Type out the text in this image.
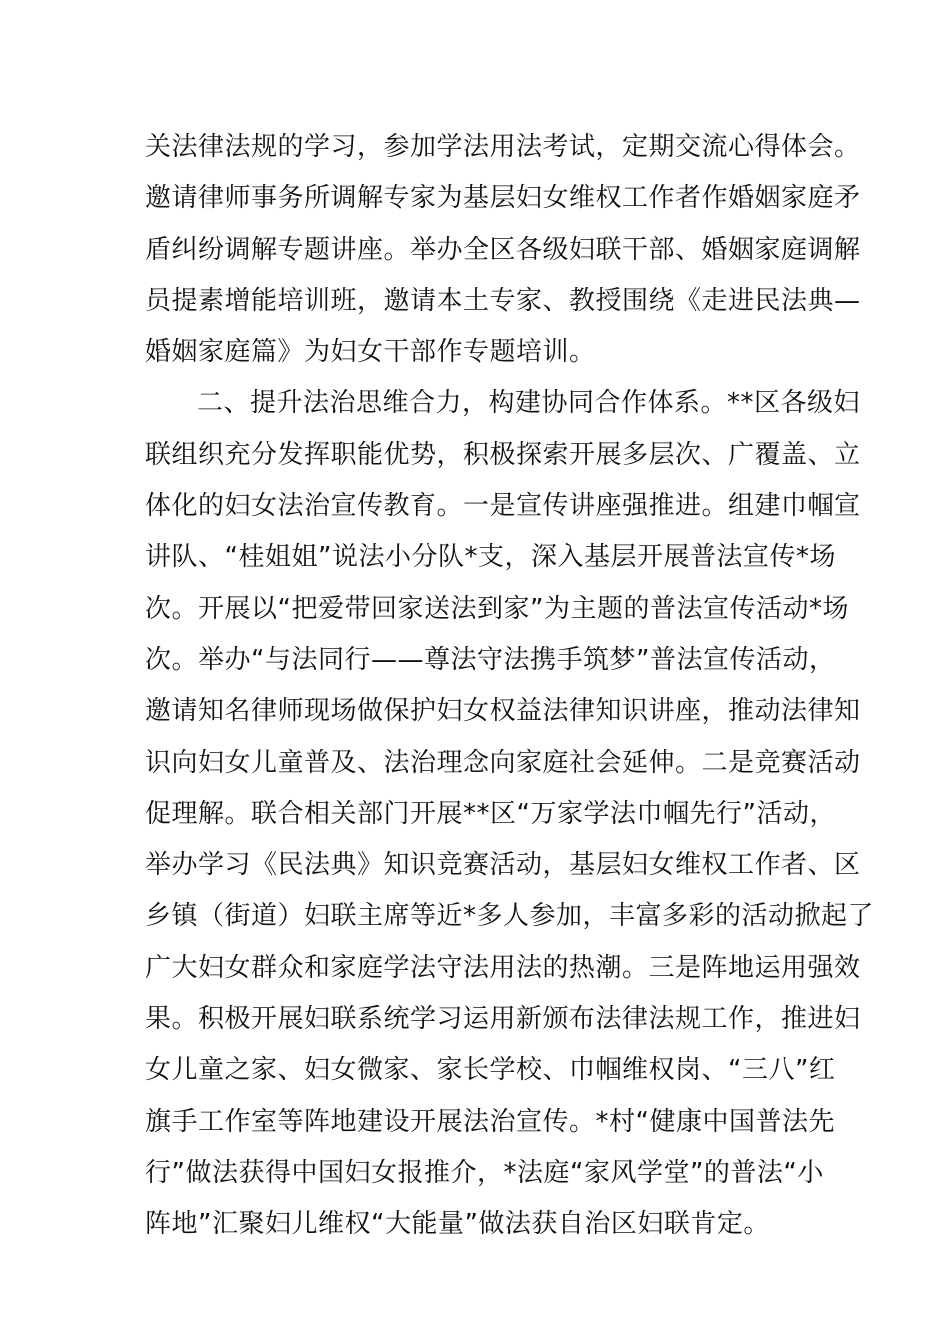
关法律法规的学习，参加学法用法考试，定期交流心得体会。
邀请律师事务所调解专家为基层妇女维权工作者作婚姻家庭矛
盾纠纷调解专题讲座。举办全区各级妇联干部、婚姻家庭调解
员提素增能培训班，邀请本土专家、教授围绕《走进民法典—
婚姻家庭篇》为妇女干部作专题培训。
二、提升法治思维合力，构建协同合作体系。**区各级妇
联组织充分发挥职能优势，积极探索开展多层次、广覆盖、立
体化的妇女法治宣传教育。一是宣传讲座强推进。组建巾帼宣
讲队、“桂姐姐”说法小分队*支，深入基层开展普法宣传*场
次。开展以“把爱带回家送法到家”为主题的普法宣传活动*场
次。举办“与法同行——尊法守法携手筑梦”普法宣传活动，
邀请知名律师现场做保护妇女权益法律知识讲座，推动法律知
识向妇女儿童普及、法治理念向家庭社会延伸。二是竞赛活动
促理解。联合相关部门开展**区“万家学法巾帼先行”活动，
举办学习《民法典》知识竞赛活动，基层妇女维权工作者、区
乡镇（街道）妇联主席等近*多人参加，丰富多彩的活动掀起了
广大妇女群众和家庭学法守法用法的热潮。三是阵地运用强效
果。积极开展妇联系统学习运用新颁布法律法规工作，推进妇
女儿童之家、妇女微家、家长学校、巾帼维权岗、“三八”红
旗手工作室等阵地建设开展法治宣传。*村“健康中国普法先
行”做法获得中国妇女报推介，*法庭“家风学堂”的普法“小
阵地”汇聚妇儿维权“大能量”做法获自治区妇联肯定。
